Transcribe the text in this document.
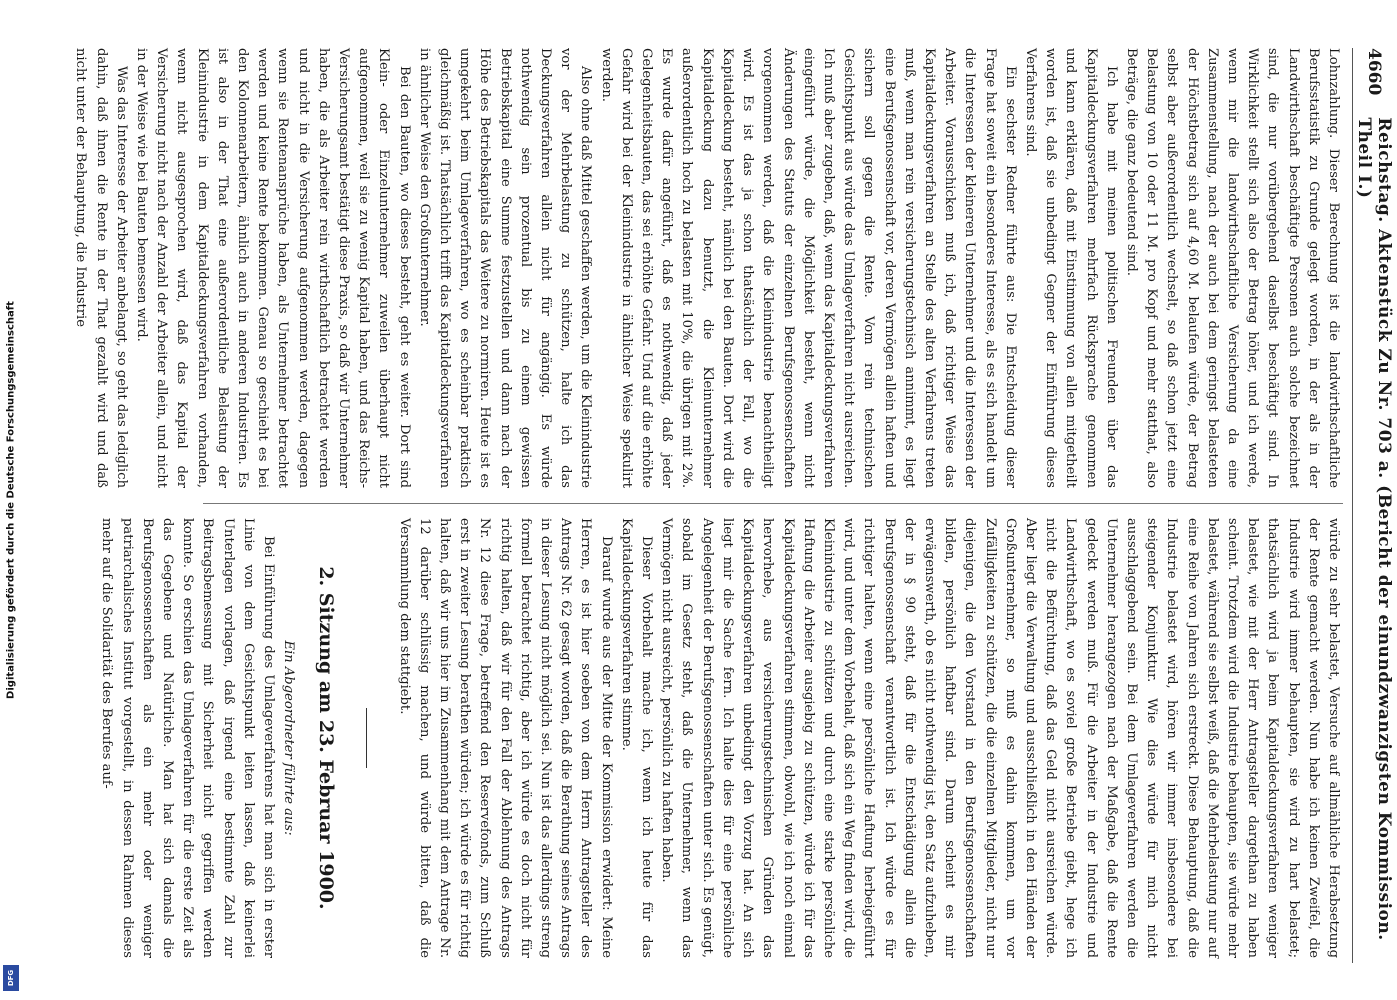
Digitalisierung gefördert durch die Deutsche Forschungsgemeinschaft
DFG
4660
Reichstag. Aktenstück Zu Nr. 703 a. (Bericht der einundzwanzigsten Kommission. Theil I.)

Lohnzahlung. Dieser Berechnung ist die landwirthschaftliche Berufsstatistik zu Grunde gelegt worden, in der als in der Landwirthschaft beschäftigte Personen auch solche bezeichnet sind, die nur vorübergehend daselbst beschäftigt sind. In Wirklichkeit stellt sich also der Betrag höher, und ich werde, wenn mir die landwirthschaftliche Versicherung da eine Zusammenstellung, nach der auch bei dem geringst belasteten der Höchstbetrag sich auf 4,60 M. belaufen würde, der Betrag selbst aber außerordentlich wechselt, so daß schon jetzt eine Belastung von 10 oder 11 M. pro Kopf und mehr statthat, also Beträge, die ganz bedeutend sind.

Ich habe mit meinen politischen Freunden über das Kapitaldeckungsverfahren mehrfach Rücksprache genommen und kann erklären, daß mit Einstimmung von allen mitgetheilt worden ist, daß sie unbedingt Gegner der Einführung dieses Verfahrens sind.

Ein sechster Redner führte aus: Die Entscheidung dieser Frage hat soweit ein besonderes Interesse, als es sich handelt um die Interessen der kleineren Unternehmer und die Interessen der Arbeiter. Vorausschicken muß ich, daß richtiger Weise das Kapitaldeckungsverfahren an Stelle des alten Verfahrens treten muß, wenn man rein versicherungstechnisch annimmt, es liegt eine Berufsgenossenschaft vor, deren Vermögen allein haften und sichern soll gegen die Rente. Vom rein technischen Gesichtspunkt aus würde das Umlageverfahren nicht ausreichen. Ich muß aber zugeben, daß, wenn das Kapitaldeckungsverfahren eingeführt würde, die Möglichkeit besteht, wenn nicht Änderungen des Statuts der einzelnen Berufsgenossenschaften vorgenommen werden, daß die Kleinindustrie benachtheiligt wird. Es ist das ja schon thatsächlich der Fall, wo die Kapitaldeckung besteht, nämlich bei den Bauten. Dort wird die Kapitaldeckung dazu benutzt, die Kleinunternehmer außerordentlich hoch zu belasten mit 10%, die übrigen mit 2%. Es wurde dafür angeführt, daß es nothwendig, daß jeder Gelegenheitsbauten, das sei erhöhte Gefahr. Und auf die erhöhte Gefahr wird bei der Kleinindustrie in ähnlicher Weise spekulirt werden.

Also ohne daß Mittel geschaffen werden, um die Kleinindustrie vor der Mehrbelastung zu schützen, halte ich das Deckungsverfahren allein nicht für angängig. Es würde nothwendig sein prozentual bis zu einem gewissen Betriebskapital eine Summe festzustellen und dann nach der Höhe des Betriebskapitals das Weitere zu normiren. Heute ist es umgekehrt beim Umlageverfahren, wo es scheinbar praktisch gleichmäßig ist. Thatsächlich trifft das Kapitaldeckungsverfahren in ähnlicher Weise den Großunternehmer.

Bei den Bauten, wo dieses besteht, geht es weiter. Dort sind Klein- oder Einzelunternehmer zuweilen überhaupt nicht aufgenommen, weil sie zu wenig Kapital haben, und das Reichs-Versicherungsamt bestätigt diese Praxis, so daß wir Unternehmer haben, die als Arbeiter rein wirthschaftlich betrachtet werden und nicht in die Versicherung aufgenommen werden, dagegen wenn sie Rentenansprüche haben, als Unternehmer betrachtet werden und keine Rente bekommen. Genau so geschieht es bei den Kolonnenarbeitern, ähnlich auch in anderen Industrien. Es ist also in der That eine außerordentliche Belastung der Kleinindustrie in dem Kapitaldeckungsverfahren vorhanden, wenn nicht ausgesprochen wird, daß das Kapital der Versicherung nicht nach der Anzahl der Arbeiter allein, und nicht in der Weise wie bei Bauten bemessen wird.

Was das Interesse der Arbeiter anbelangt, so geht das lediglich dahin, daß ihnen die Rente in der That gezahlt wird und daß nicht unter der Behauptung, die Industrie

würde zu sehr belastet, Versuche auf allmähliche Herabsetzung der Rente gemacht werden. Nun habe ich keinen Zweifel, die Industrie wird immer behaupten, sie wird zu hart belastet; thatsächlich wird ja beim Kapitaldeckungsverfahren weniger belastet, wie mit der Herr Antragsteller dargethan zu haben scheint. Trotzdem wird die Industrie behaupten, sie würde mehr belastet, während sie selbst weiß, daß die Mehrbelastung nur auf eine Reihe von Jahren sich erstreckt. Diese Behauptung, daß die Industrie belastet wird, hören wir immer insbesondere bei steigender Konjunktur. Wie dies würde für mich nicht ausschlaggebend sein. Bei dem Umlageverfahren werden die Unternehmer herangezogen nach der Maßgabe, daß die Rente gedeckt werden muß. Für die Arbeiter in der Industrie und Landwirthschaft, wo es soviel große Betriebe giebt, hege ich nicht die Befürchtung, daß das Geld nicht ausreichen würde. Aber liegt die Verwaltung und ausschließlich in den Händen der Großunternehmer, so muß es dahin kommen, um vor Zufälligkeiten zu schützen, die die einzelnen Mitglieder, nicht nur diejenigen, die den Vorstand in den Berufsgenossenschaften bilden, persönlich haftbar sind. Darum scheint es mir erwägenswerth, ob es nicht nothwendig ist, den Satz aufzuheben, der in § 90 steht, daß für die Entschädigung allein die Berufsgenossenschaft verantwortlich ist. Ich würde es für richtiger halten, wenn eine persönliche Haftung herbeigeführt wird, und unter dem Vorbehalt, daß sich ein Weg finden wird, die Kleinindustrie zu schützen und durch eine starke persönliche Haftung die Arbeiter ausgiebig zu schützen, würde ich für das Kapitaldeckungsverfahren stimmen, obwohl, wie ich noch einmal hervorhebe, aus versicherungstechnischen Gründen das Kapitaldeckungsverfahren unbedingt den Vorzug hat. An sich liegt mir die Sache fern. Ich halte dies für eine persönliche Angelegenheit der Berufsgenossenschaften unter sich. Es genügt, sobald im Gesetz steht, daß die Unternehmer, wenn das Vermögen nicht ausreicht, persönlich zu haften haben.

Dieser Vorbehalt mache ich, wenn ich heute für das Kapitaldeckungsverfahren stimme.

Darauf wurde aus der Mitte der Kommission erwidert: Meine Herren, es ist hier soeben von dem Herrn Antragsteller des Antrags Nr. 62 gesagt worden, daß die Berathung seines Antrags in dieser Lesung nicht möglich sei. Nun ist das allerdings streng formell betrachtet richtig, aber ich würde es doch nicht für richtig halten, daß wir für den Fall der Ablehnung des Antrags Nr. 12 diese Frage, betreffend den Reservefonds, zum Schluß erst in zweiter Lesung berathen würden; ich würde es für richtig halten, daß wir uns hier im Zusammenhang mit dem Antrage Nr. 12 darüber schlüssig machen, und würde bitten, daß die Versammlung dem stattgiebt.

2. Sitzung am 23. Februar 1900.

Ein Abgeordneter führte aus:

Bei Einführung des Umlageverfahrens hat man sich in erster Linie von dem Gesichtspunkt leiten lassen, daß keinerlei Unterlagen vorlagen, daß irgend eine bestimmte Zahl zur Beitragsbemessung mit Sicherheit nicht gegriffen werden konnte. So erschien das Umlageverfahren für die erste Zeit als das Gegebene und Natürliche. Man hat sich damals die Berufsgenossenschaften als ein mehr oder weniger patriarchalisches Institut vorgestellt, in dessen Rahmen dieses mehr auf die Solidarität des Berufes auf-
